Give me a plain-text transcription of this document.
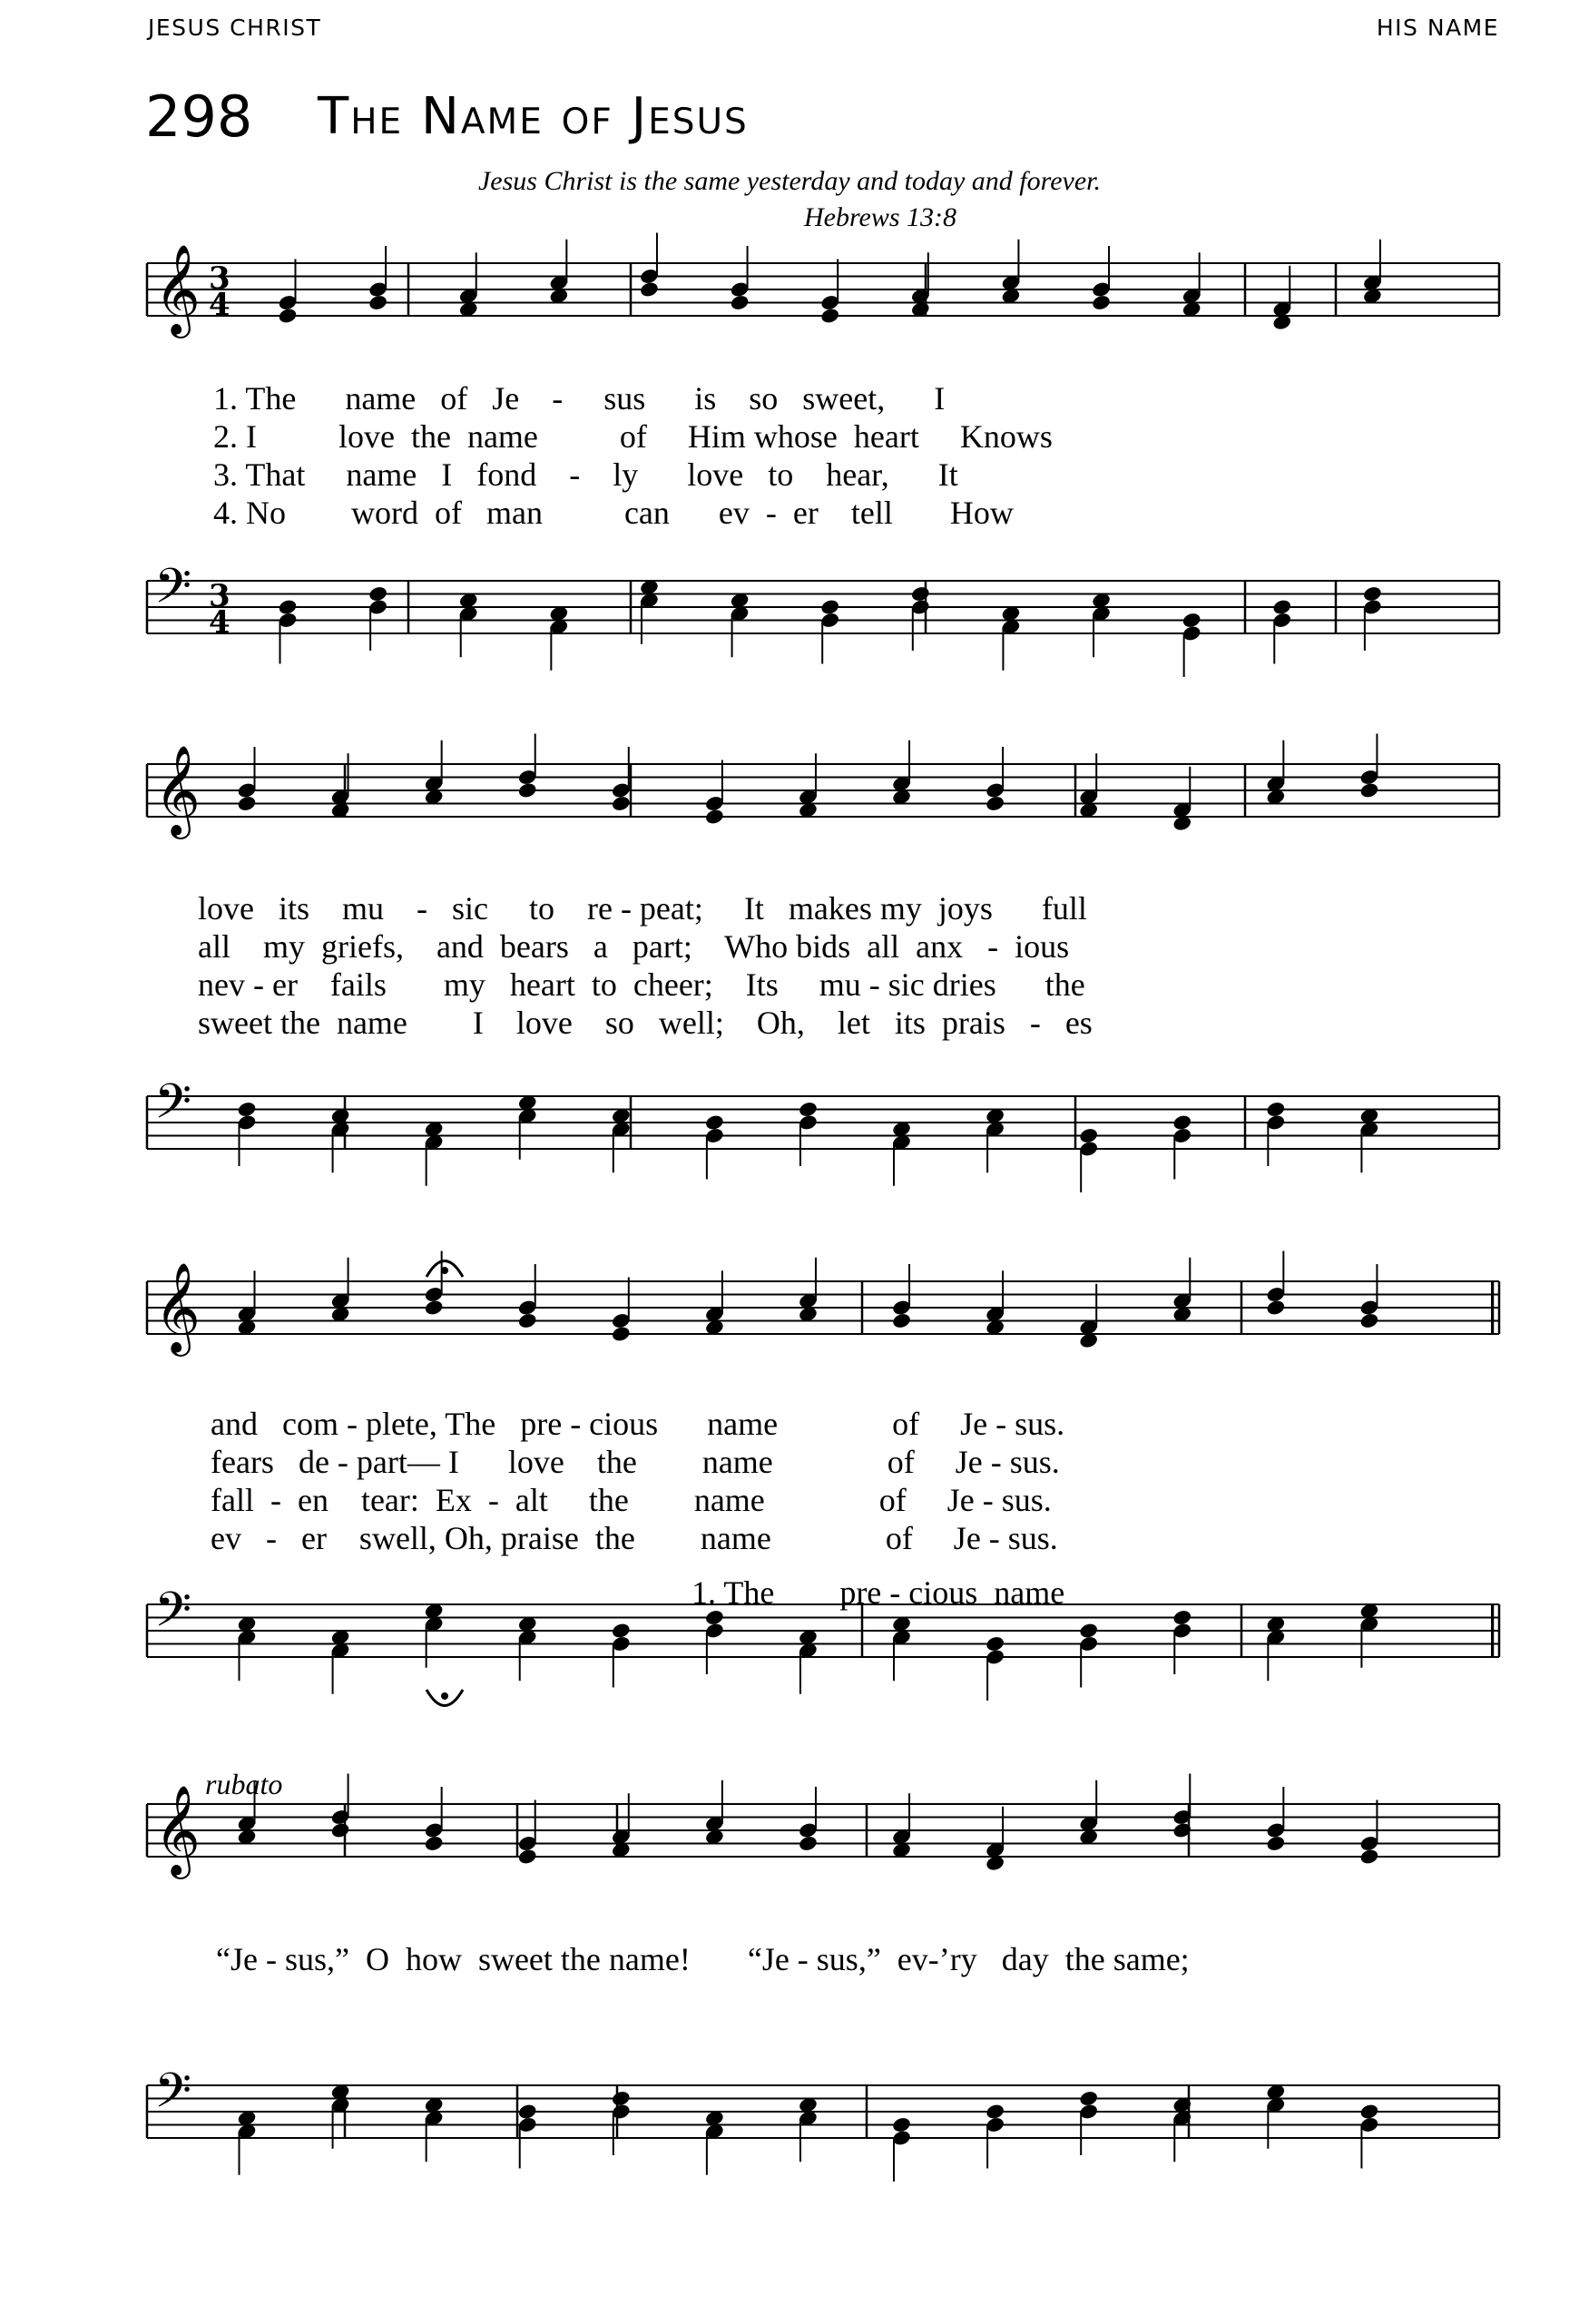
JESUS CHRIST	HIS NAME
298 The Name of Jesus
Jesus Christ is the same yesterday and today and forever.
Hebrews 13:8
𝄞 3
4
𝄢 3
4
𝄞
𝄢
𝄞
𝄢
𝄞
𝄢
1. The      name   of   Je    -     sus      is    so   sweet,      I
2. I          love  the  name          of     Him whose  heart     Knows
3. That     name   I   fond    -    ly      love   to    hear,      It
4. No        word  of   man          can      ev  -  er    tell       How
love   its    mu    -   sic     to    re - peat;     It   makes my  joys      full
all    my  griefs,    and  bears   a   part;    Who bids  all  anx   -  ious
nev - er    fails       my   heart  to  cheer;    Its     mu - sic dries      the
sweet the  name        I    love    so   well;    Oh,    let   its  prais   -   es
and   com - plete, The   pre - cious      name              of     Je - sus.
fears   de - part— I      love    the        name              of     Je - sus.
fall  -  en    tear:  Ex  -  alt     the        name              of     Je - sus.
ev   -   er    swell, Oh, praise  the        name              of     Je - sus.
1. The        pre - cious  name
rubato
“Je - sus,”  O  how  sweet the name!       “Je - sus,”  ev-’ry   day  the same;
